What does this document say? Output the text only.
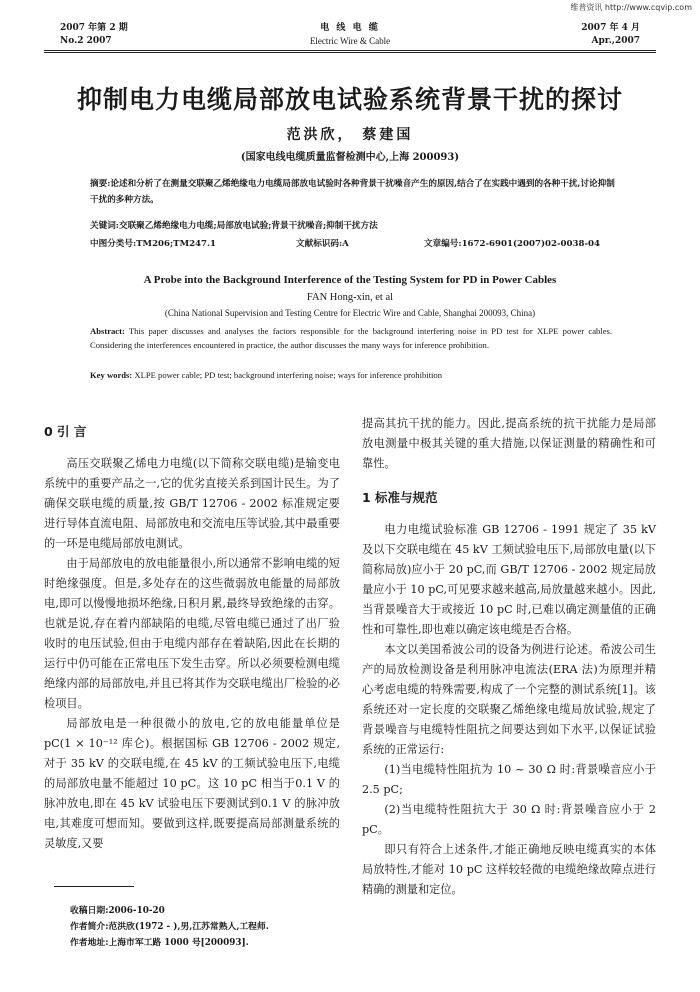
维普资讯 http://www.cqvip.com
2007 年第 2 期
No.2 2007
电 线 电 缆
Electric Wire & Cable
2007 年 4 月
Apr.,2007
抑制电力电缆局部放电试验系统背景干扰的探讨
范洪欣， 蔡建国
(国家电线电缆质量监督检测中心,上海 200093)
摘要:论述和分析了在测量交联聚乙烯绝缘电力电缆局部放电试验时各种背景干扰噪音产生的原因,结合了在实践中遇到的各种干扰,讨论抑制干扰的多种方法。
关键词:交联聚乙烯绝缘电力电缆;局部放电试验;背景干扰噪音;抑制干扰方法
中图分类号:TM206;TM247.1	文献标识码:A	文章编号:1672-6901(2007)02-0038-04
A Probe into the Background Interference of the Testing System for PD in Power Cables
FAN Hong-xin, et al
(China National Supervision and Testing Centre for Electric Wire and Cable, Shanghai 200093, China)
Abstract: This paper discusses and analyses the factors responsible for the background interfering noise in PD test for XLPE power cables. Considering the interferences encountered in practice, the author discusses the many ways for inference prohibition.
Key words: XLPE power cable; PD test; background interfering noise; ways for inference prohibition

0 引 言

高压交联聚乙烯电力电缆(以下简称交联电缆)是输变电系统中的重要产品之一,它的优劣直接关系到国计民生。为了确保交联电缆的质量,按 GB/T 12706 - 2002 标准规定要进行导体直流电阻、局部放电和交流电压等试验,其中最重要的一环是电缆局部放电测试。

由于局部放电的放电能量很小,所以通常不影响电缆的短时绝缘强度。但是,多处存在的这些微弱放电能量的局部放电,即可以慢慢地损坏绝缘,日积月累,最终导致绝缘的击穿。也就是说,存在着内部缺陷的电缆,尽管电缆已通过了出厂验收时的电压试验,但由于电缆内部存在着缺陷,因此在长期的运行中仍可能在正常电压下发生击穿。所以必须要检测电缆绝缘内部的局部放电,并且已将其作为交联电缆出厂检验的必检项目。

局部放电是一种很微小的放电,它的放电能量单位是 pC(1 × 10⁻¹² 库仑)。根据国标 GB 12706 - 2002 规定,对于 35 kV 的交联电缆,在 45 kV 的工频试验电压下,电缆的局部放电量不能超过 10 pC。这 10 pC 相当于0.1 V 的脉冲放电,即在 45 kV 试验电压下要测试到0.1 V 的脉冲放电,其难度可想而知。要做到这样,既要提高局部测量系统的灵敏度,又要

收稿日期:2006-10-20
作者简介:范洪欣(1972 - ),男,江苏常熟人,工程师.
作者地址:上海市军工路 1000 号[200093].

提高其抗干扰的能力。因此,提高系统的抗干扰能力是局部放电测量中极其关键的重大措施,以保证测量的精确性和可靠性。

1 标准与规范

电力电缆试验标准 GB 12706 - 1991 规定了 35 kV 及以下交联电缆在 45 kV 工频试验电压下,局部放电量(以下简称局放)应小于 20 pC,而 GB/T 12706 - 2002 规定局放量应小于 10 pC,可见要求越来越高,局放量越来越小。因此,当背景噪音大于或接近 10 pC 时,已难以确定测量值的正确性和可靠性,即也难以确定该电缆是否合格。

本文以美国希波公司的设备为例进行论述。希波公司生产的局放检测设备是利用脉冲电流法(ERA 法)为原理并精心考虑电缆的特殊需要,构成了一个完整的测试系统[1]。该系统还对一定长度的交联聚乙烯绝缘电缆局放试验,规定了背景噪音与电缆特性阻抗之间要达到如下水平,以保证试验系统的正常运行:

(1)当电缆特性阻抗为 10 ~ 30 Ω 时:背景噪音应小于2.5 pC;

(2)当电缆特性阻抗大于 30 Ω 时:背景噪音应小于 2 pC。

即只有符合上述条件,才能正确地反映电缆真实的本体局放特性,才能对 10 pC 这样较轻微的电缆绝缘故障点进行精确的测量和定位。
